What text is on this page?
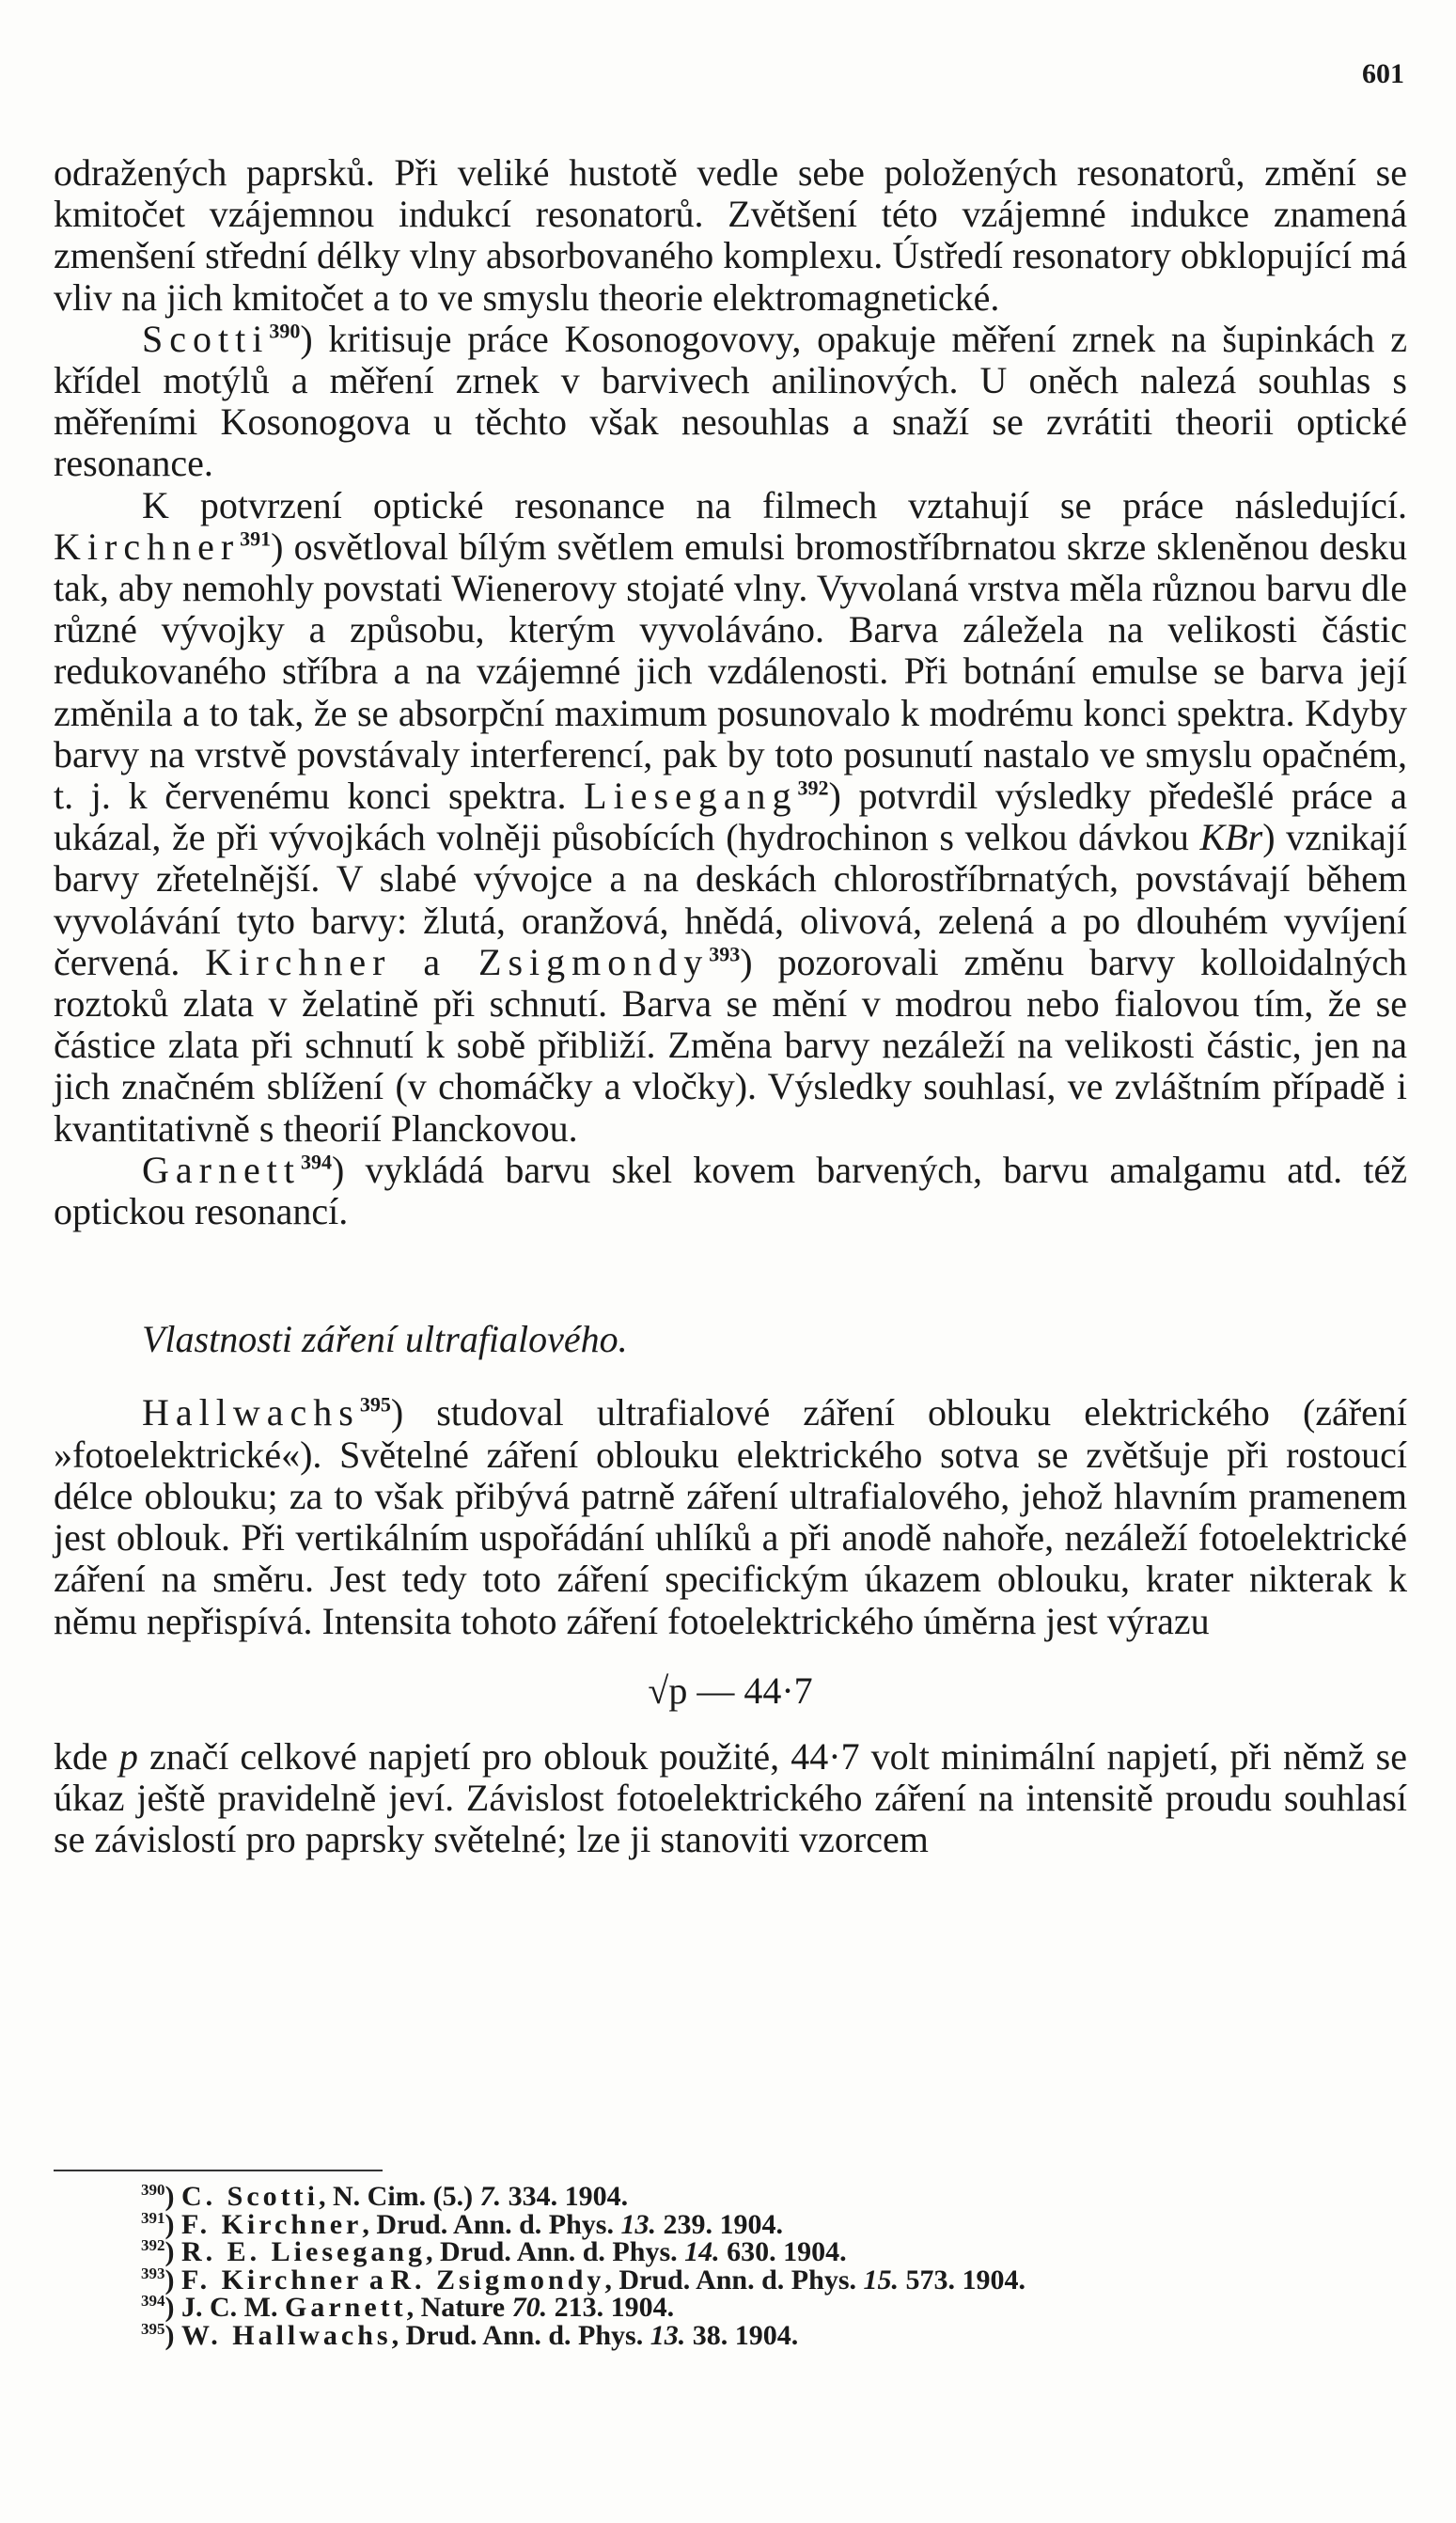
601

odražených paprsků. Při veliké hustotě vedle sebe položených resonatorů, změní se kmitočet vzájemnou indukcí resonatorů. Zvětšení této vzájemné indukce znamená zmenšení střední délky vlny absorbovaného komplexu. Ústředí resonatory obklopující má vliv na jich kmitočet a to ve smyslu theorie elektromagnetické.

Scotti$^{390}$) kritisuje práce Kosonogovovy, opakuje měření zrnek na šupinkách z křídel motýlů a měření zrnek v barvivech anilinových. U oněch nalezá souhlas s měřeními Kosonogova u těchto však nesouhlas a snaží se zvrátiti theorii optické resonance.

K potvrzení optické resonance na filmech vztahují se práce následující. Kirchner$^{391}$) osvětloval bílým světlem emulsi bromostříbrnatou skrze skleněnou desku tak, aby nemohly povstati Wienerovy stojaté vlny. Vyvolaná vrstva měla různou barvu dle různé vývojky a způsobu, kterým vyvoláváno. Barva záležela na velikosti částic redukovaného stříbra a na vzájemné jich vzdálenosti. Při botnání emulse se barva její změnila a to tak, že se absorpční maximum posunovalo k modrému konci spektra. Kdyby barvy na vrstvě povstávaly interferencí, pak by toto posunutí nastalo ve smyslu opačném, t. j. k červenému konci spektra. Liesegang$^{392}$) potvrdil výsledky předešlé práce a ukázal, že při vývojkách volněji působících (hydrochinon s velkou dávkou KBr) vznikají barvy zřetelnější. V slabé vývojce a na deskách chlorostříbrnatých, povstávají během vyvolávání tyto barvy: žlutá, oranžová, hnědá, olivová, zelená a po dlouhém vyvíjení červená. Kirchner a Zsigmondy$^{393}$) pozorovali změnu barvy kolloidalných roztoků zlata v želatině při schnutí. Barva se mění v modrou nebo fialovou tím, že se částice zlata při schnutí k sobě přibliží. Změna barvy nezáleží na velikosti částic, jen na jich značném sblížení (v chomáčky a vločky). Výsledky souhlasí, ve zvláštním případě i kvantitativně s theorií Planckovou.

Garnett$^{394}$) vykládá barvu skel kovem barvených, barvu amalgamu atd. též optickou resonancí.

Vlastnosti záření ultrafialového.

Hallwachs$^{395}$) studoval ultrafialové záření oblouku elektrického (záření »fotoelektrické«). Světelné záření oblouku elektrického sotva se zvětšuje při rostoucí délce oblouku; za to však přibývá patrně záření ultrafialového, jehož hlavním pramenem jest oblouk. Při vertikálním uspořádání uhlíků a při anodě nahoře, nezáleží fotoelektrické záření na směru. Jest tedy toto záření specifickým úkazem oblouku, krater nikterak k němu nepřispívá. Intensita tohoto záření fotoelektrického úměrna jest výrazu

√p — 44·7

kde p značí celkové napjetí pro oblouk použité, 44·7 volt minimální napjetí, při němž se úkaz ještě pravidelně jeví. Závislost fotoelektrického záření na intensitě proudu souhlasí se závislostí pro paprsky světelné; lze ji stanoviti vzorcem

$^{390}$) C. Scotti, N. Cim. (5.) 7. 334. 1904.
$^{391}$) F. Kirchner, Drud. Ann. d. Phys. 13. 239. 1904.
$^{392}$) R. E. Liesegang, Drud. Ann. d. Phys. 14. 630. 1904.
$^{393}$) F. Kirchner a R. Zsigmondy, Drud. Ann. d. Phys. 15. 573. 1904.
$^{394}$) J. C. M. Garnett, Nature 70. 213. 1904.
$^{395}$) W. Hallwachs, Drud. Ann. d. Phys. 13. 38. 1904.
